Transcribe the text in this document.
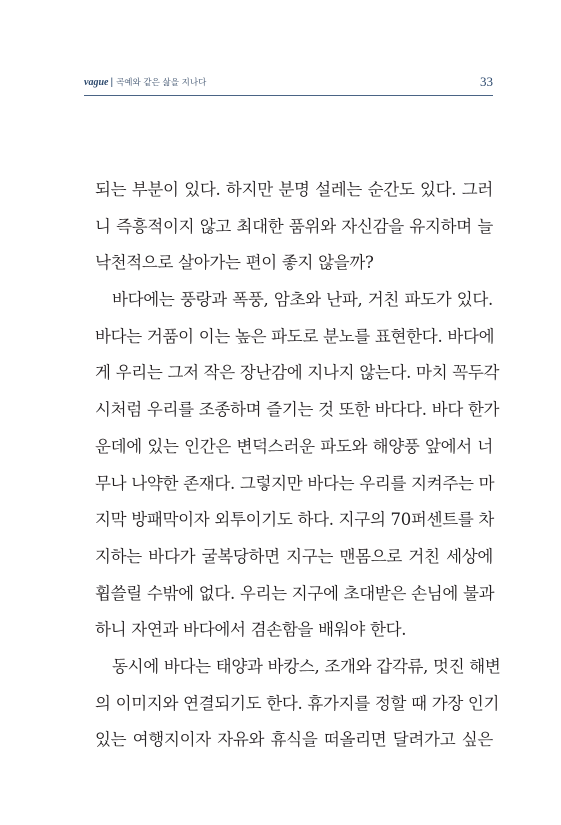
vague | 곡예와 같은 삶을 지나다	33
되는 부분이 있다. 하지만 분명 설레는 순간도 있다. 그러
니 즉흥적이지 않고 최대한 품위와 자신감을 유지하며 늘
낙천적으로 살아가는 편이 좋지 않을까?
바다에는 풍랑과 폭풍, 암초와 난파, 거친 파도가 있다.
바다는 거품이 이는 높은 파도로 분노를 표현한다. 바다에
게 우리는 그저 작은 장난감에 지나지 않는다. 마치 꼭두각
시처럼 우리를 조종하며 즐기는 것 또한 바다다. 바다 한가
운데에 있는 인간은 변덕스러운 파도와 해양풍 앞에서 너
무나 나약한 존재다. 그렇지만 바다는 우리를 지켜주는 마
지막 방패막이자 외투이기도 하다. 지구의 70퍼센트를 차
지하는 바다가 굴복당하면 지구는 맨몸으로 거친 세상에
휩쓸릴 수밖에 없다. 우리는 지구에 초대받은 손님에 불과
하니 자연과 바다에서 겸손함을 배워야 한다.
동시에 바다는 태양과 바캉스, 조개와 갑각류, 멋진 해변
의 이미지와 연결되기도 한다. 휴가지를 정할 때 가장 인기
있는 여행지이자 자유와 휴식을 떠올리면 달려가고 싶은
